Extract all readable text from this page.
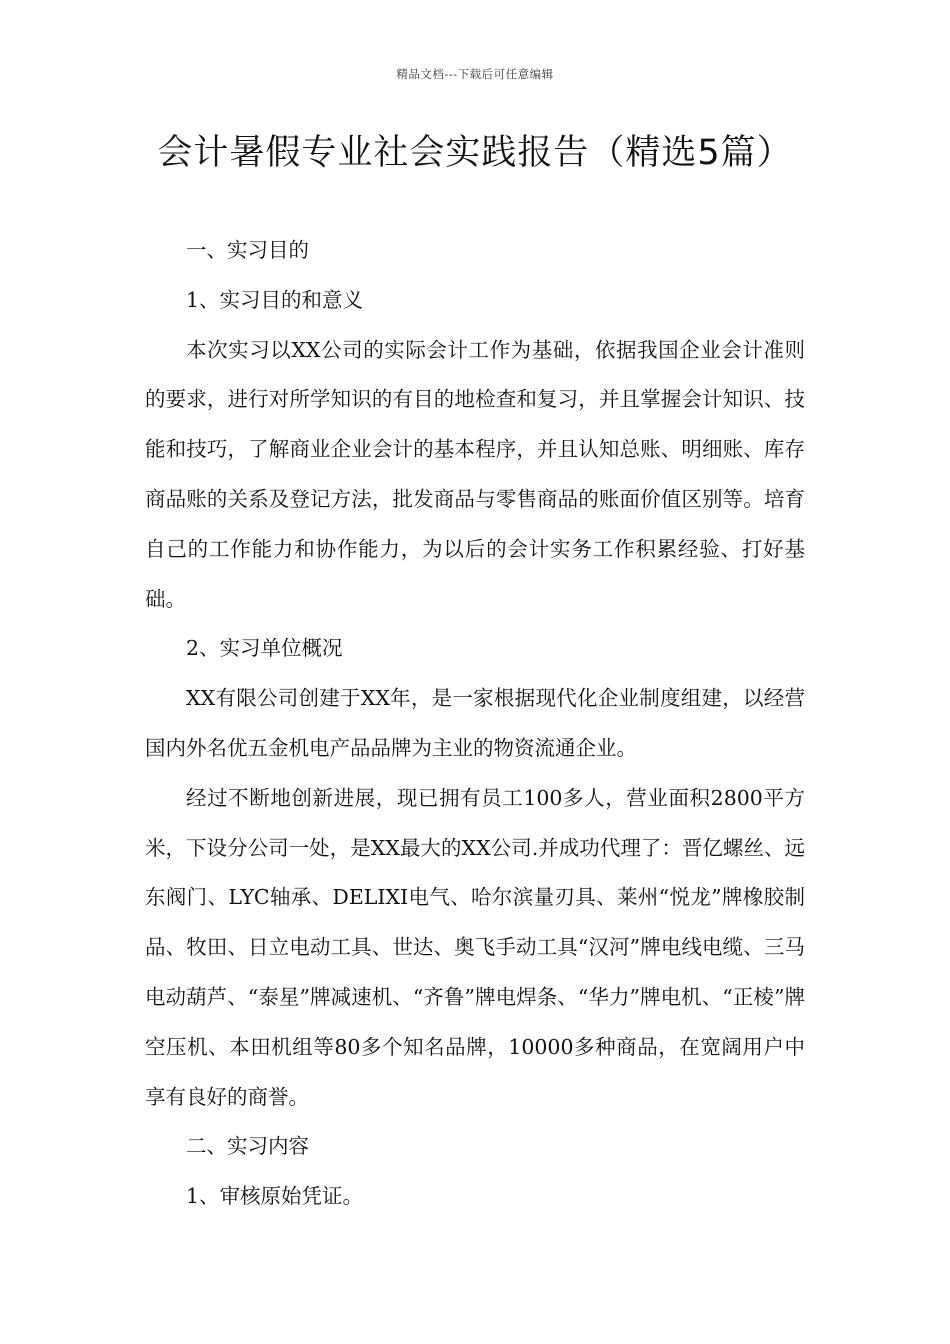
精品文档---下载后可任意编辑
会计暑假专业社会实践报告（精选5篇）

一、实习目的

1、实习目的和意义

本次实习以XX公司的实际会计工作为基础，依据我国企业会计准则的要求，进行对所学知识的有目的地检查和复习，并且掌握会计知识、技能和技巧，了解商业企业会计的基本程序，并且认知总账、明细账、库存商品账的关系及登记方法，批发商品与零售商品的账面价值区别等。培育自己的工作能力和协作能力，为以后的会计实务工作积累经验、打好基础。

2、实习单位概况

XX有限公司创建于XX年，是一家根据现代化企业制度组建，以经营国内外名优五金机电产品品牌为主业的物资流通企业。

经过不断地创新进展，现已拥有员工100多人，营业面积2800平方米，下设分公司一处，是XX最大的XX公司.并成功代理了：晋亿螺丝、远东阀门、LYC轴承、DELIXI电气、哈尔滨量刃具、莱州“悦龙”牌橡胶制品、牧田、日立电动工具、世达、奥飞手动工具“汉河”牌电线电缆、三马电动葫芦、“泰星”牌减速机、“齐鲁”牌电焊条、“华力”牌电机、“正棱”牌空压机、本田机组等80多个知名品牌，10000多种商品，在宽阔用户中享有良好的商誉。

二、实习内容

1、审核原始凭证。
